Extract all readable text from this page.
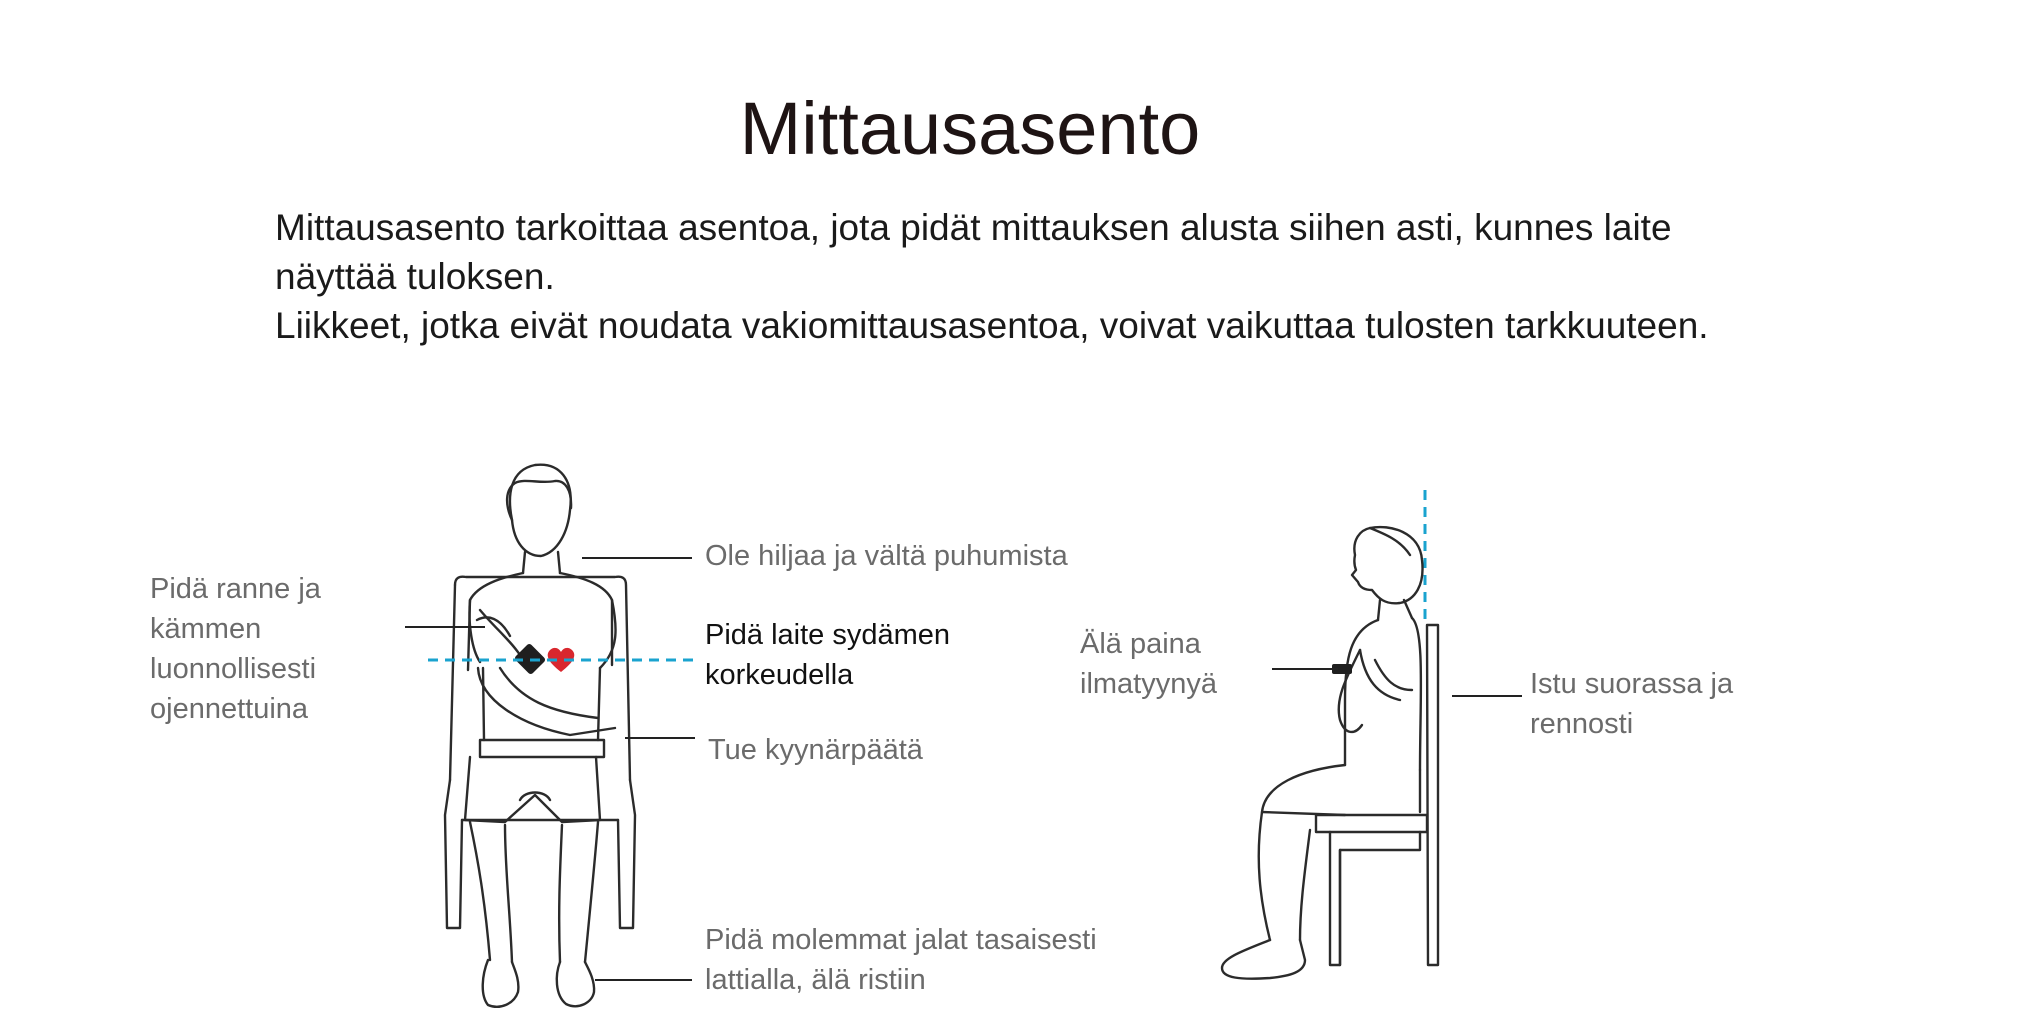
Mittausasento

Mittausasento tarkoittaa asentoa, jota pidät mittauksen alusta siihen asti, kunnes laite näyttää tuloksen.

Liikkeet, jotka eivät noudata vakiomittausasentoa, voivat vaikuttaa tulosten tarkkuuteen.

Pidä ranne ja
kämmen
luonnollisesti
ojennettuina
Ole hiljaa ja vältä puhumista
Pidä laite sydämen
korkeudella
Tue kyynärpäätä
Pidä molemmat jalat tasaisesti
lattialla, älä ristiin
Älä paina
ilmatyynyä	Istu suorassa ja
rennosti
